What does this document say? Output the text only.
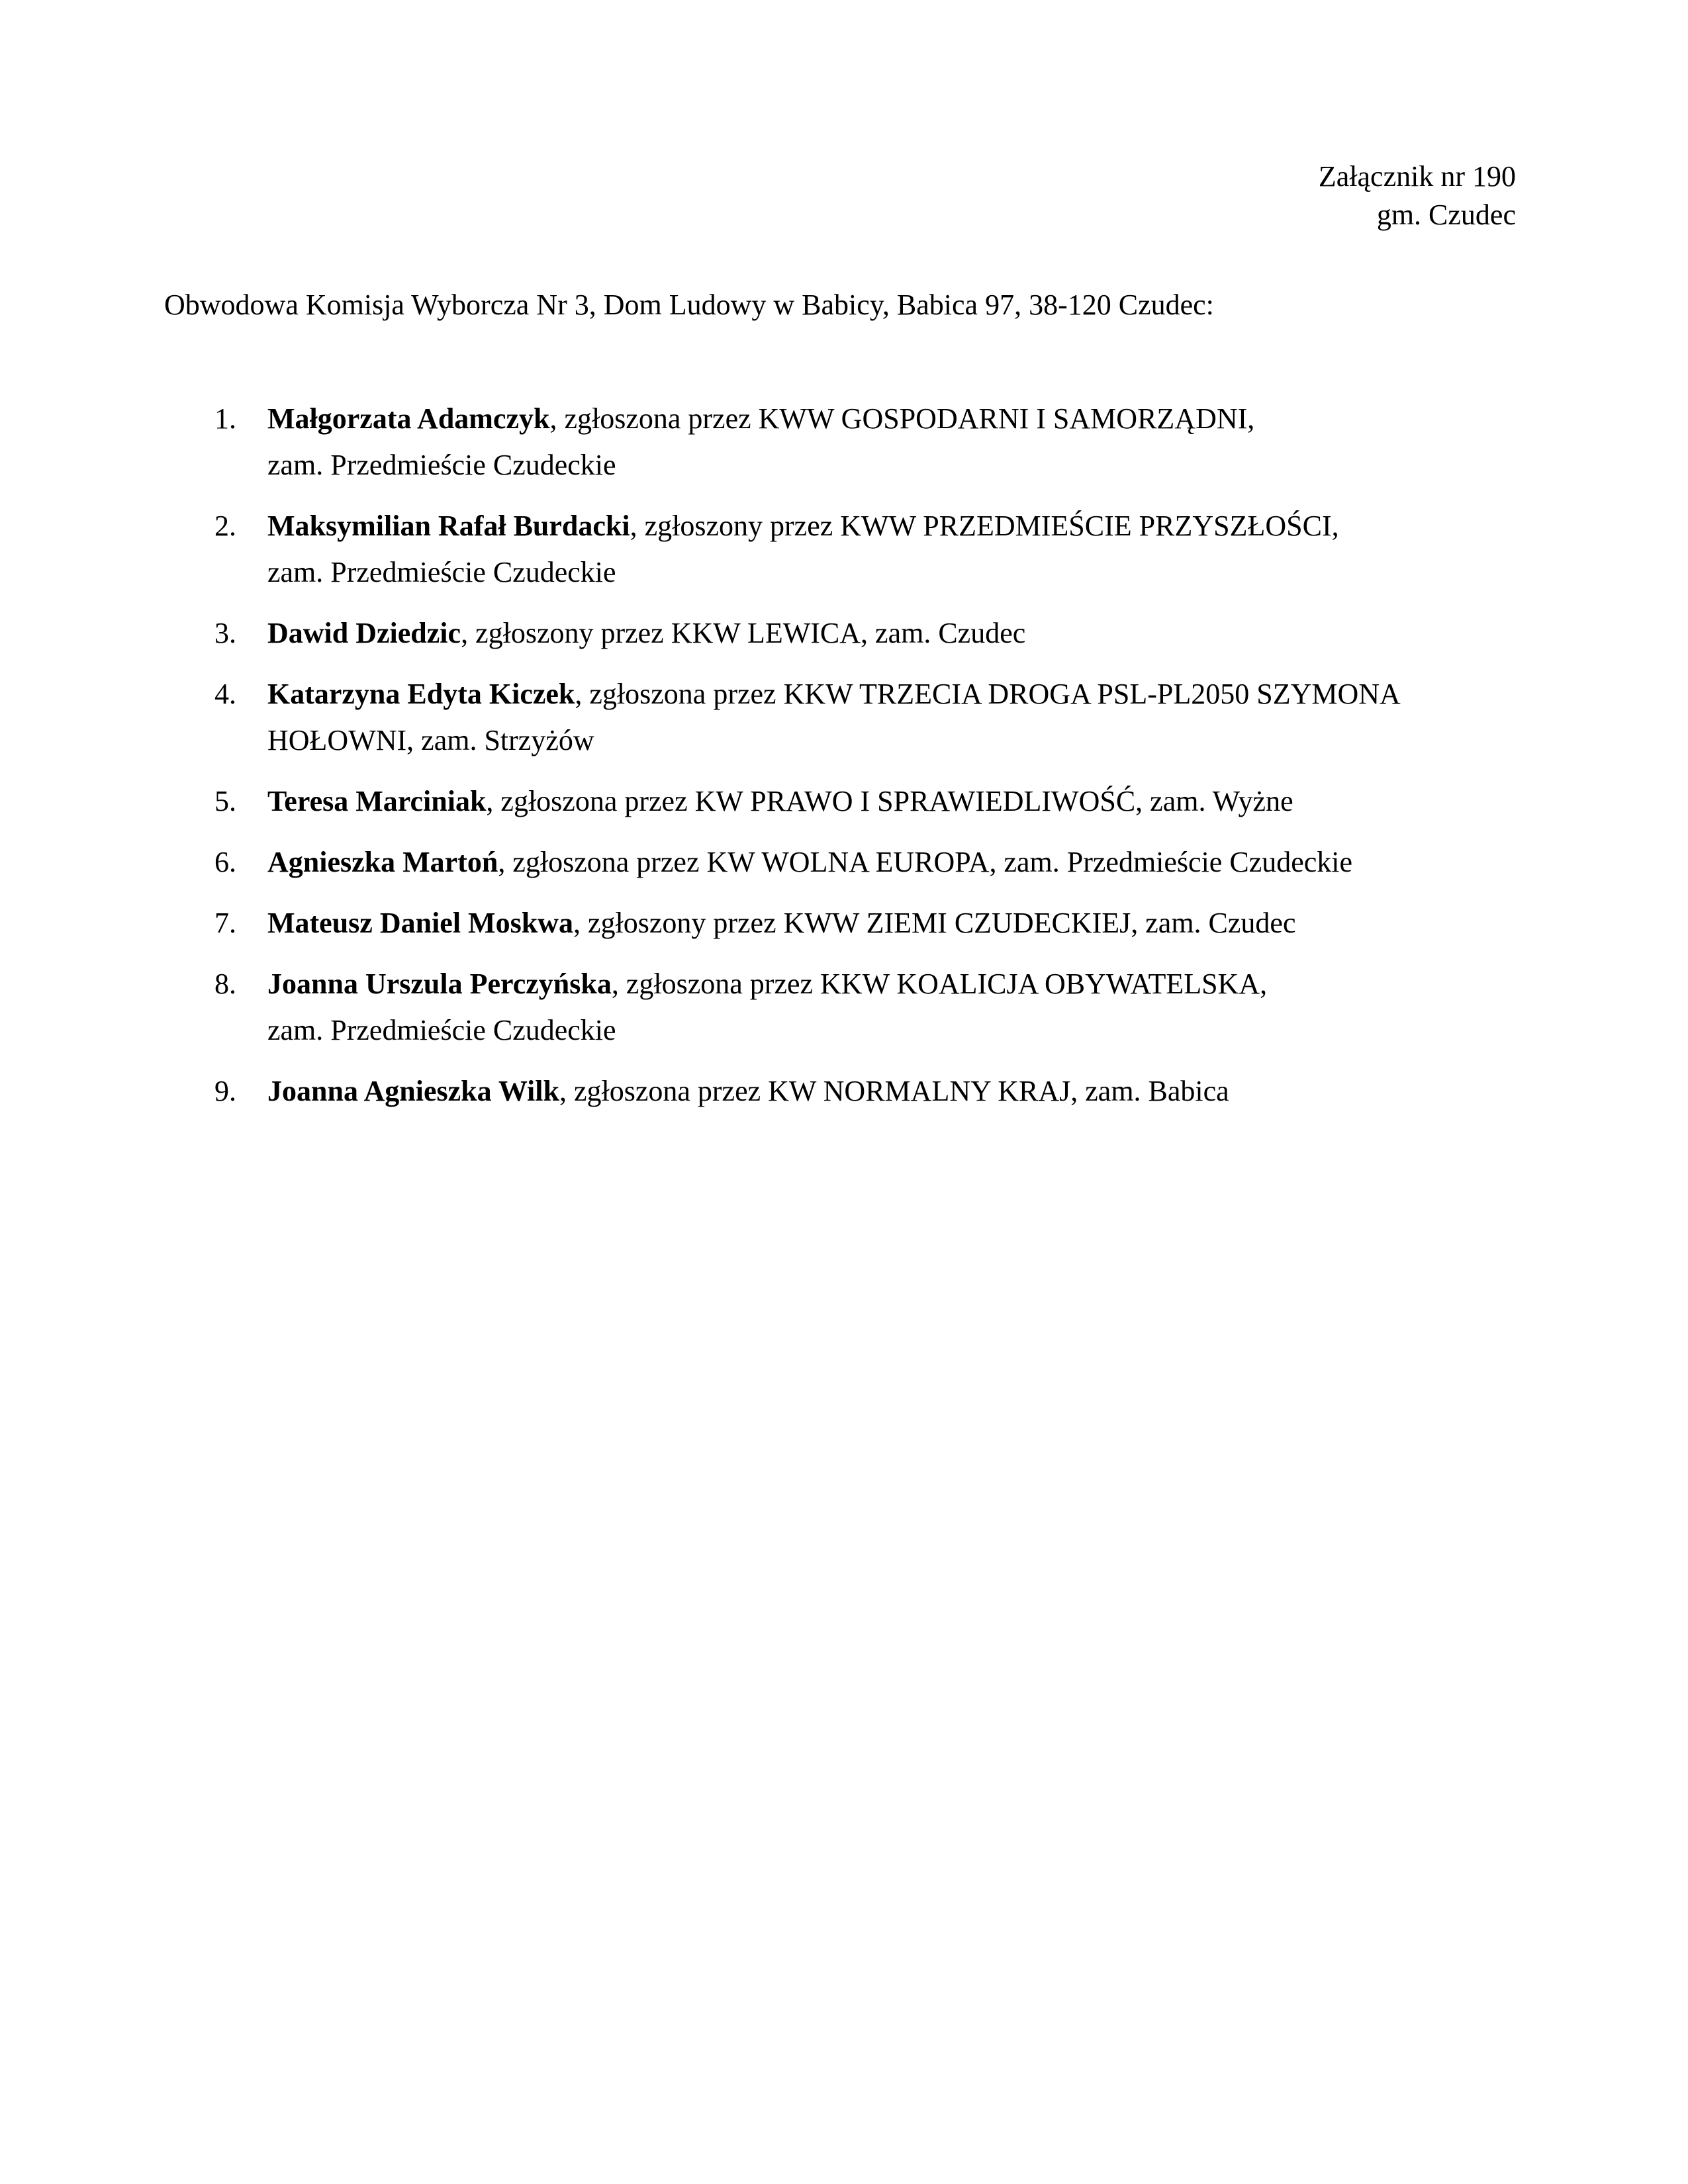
Załącznik nr 190
gm. Czudec
Obwodowa Komisja Wyborcza Nr 3, Dom Ludowy w Babicy, Babica 97, 38-120 Czudec:
1. Małgorzata Adamczyk, zgłoszona przez KWW GOSPODARNI I SAMORZĄDNI,
zam. Przedmieście Czudeckie
2. Maksymilian Rafał Burdacki, zgłoszony przez KWW PRZEDMIEŚCIE PRZYSZŁOŚCI,
zam. Przedmieście Czudeckie
3. Dawid Dziedzic, zgłoszony przez KKW LEWICA, zam. Czudec
4. Katarzyna Edyta Kiczek, zgłoszona przez KKW TRZECIA DROGA PSL-PL2050 SZYMONA
HOŁOWNI, zam. Strzyżów
5. Teresa Marciniak, zgłoszona przez KW PRAWO I SPRAWIEDLIWOŚĆ, zam. Wyżne
6. Agnieszka Martoń, zgłoszona przez KW WOLNA EUROPA, zam. Przedmieście Czudeckie
7. Mateusz Daniel Moskwa, zgłoszony przez KWW ZIEMI CZUDECKIEJ, zam. Czudec
8. Joanna Urszula Perczyńska, zgłoszona przez KKW KOALICJA OBYWATELSKA,
zam. Przedmieście Czudeckie
9. Joanna Agnieszka Wilk, zgłoszona przez KW NORMALNY KRAJ, zam. Babica
